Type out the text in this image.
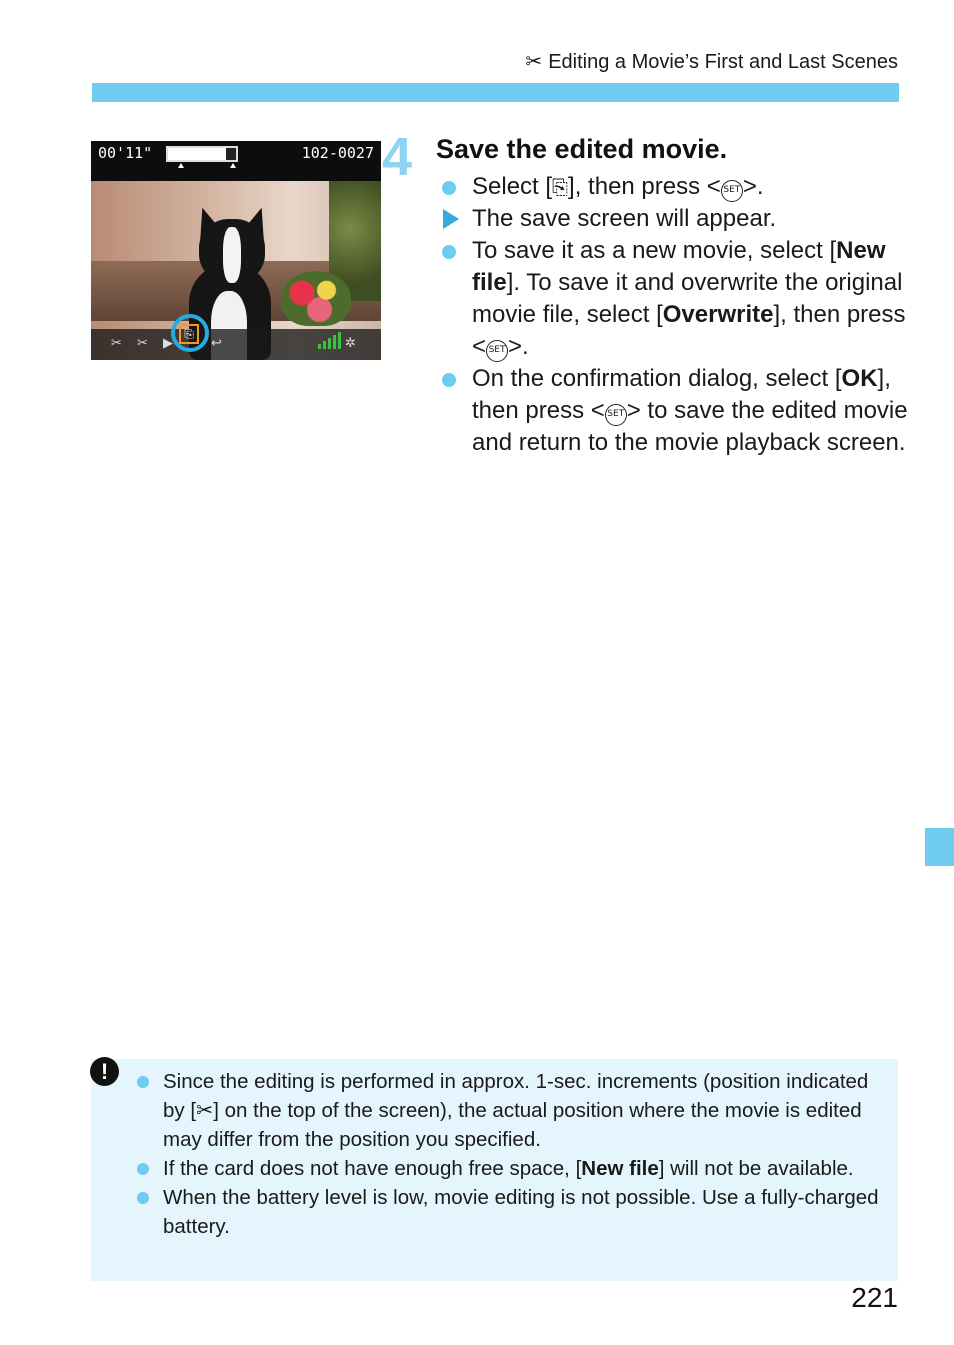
✂ Editing a Movie’s First and Last Scenes
00'11"	102-0027
✂ ✂ ▶
⎘
↩	✲
4 Save the edited movie.
Select [⎘], then press < SET >.
The save screen will appear.
To save it as a new movie, select [New file]. To save it and overwrite the original movie file, select [Overwrite], then press < SET >.
On the confirmation dialog, select [OK], then press < SET > to save the edited movie and return to the movie playback screen.
!	Since the editing is performed in approx. 1-sec. increments (position indicated by [✂] on the top of the screen), the actual position where the movie is edited may differ from the position you specified.
If the card does not have enough free space, [New file] will not be available.
When the battery level is low, movie editing is not possible. Use a fully-charged battery.
221
